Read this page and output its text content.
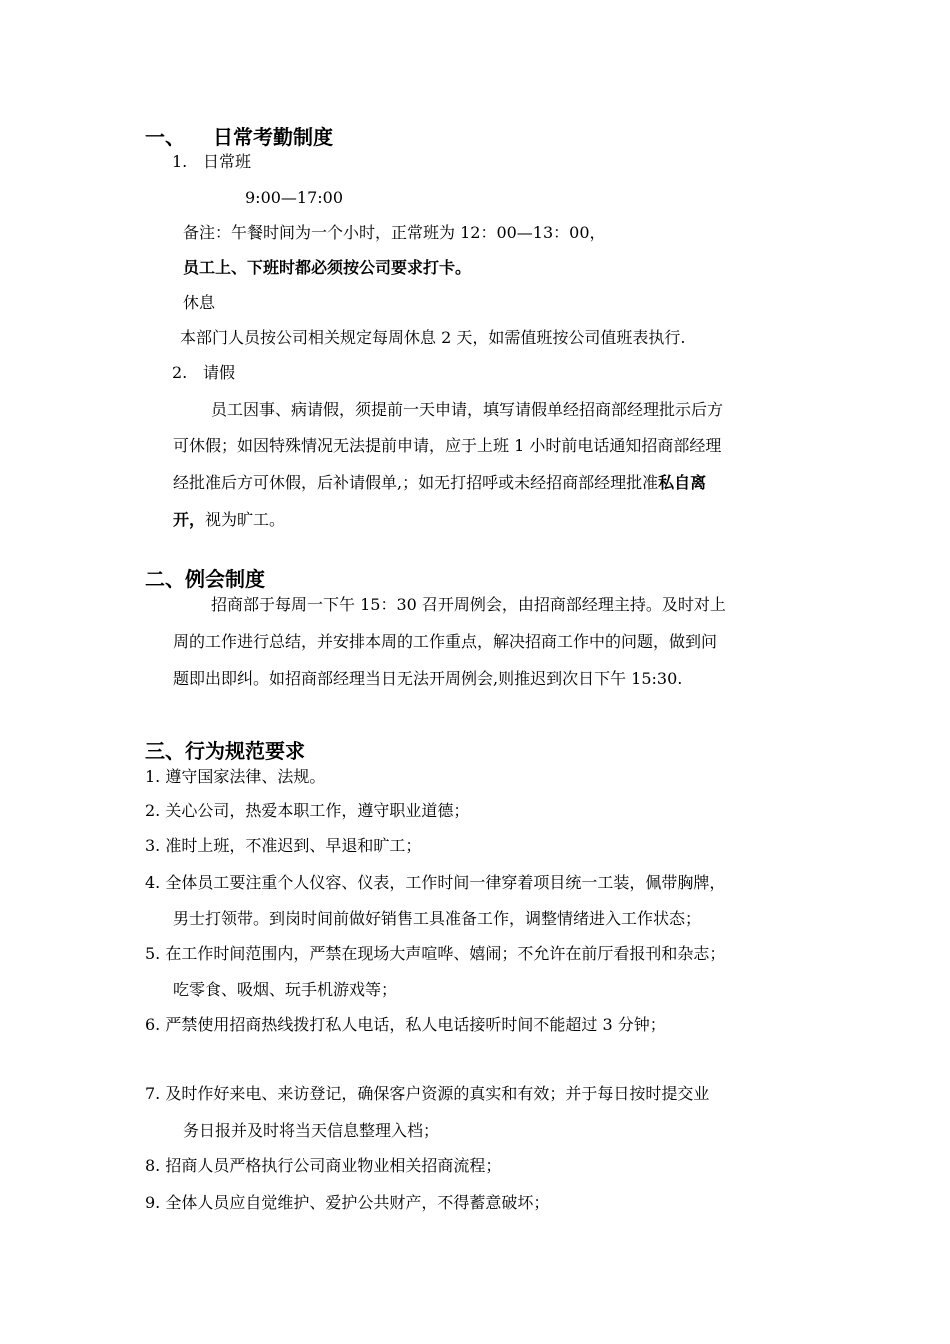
一、 日常考勤制度
1. 日常班
9:00—17:00
备注：午餐时间为一个小时，正常班为 12：00—13：00，
员工上、下班时都必须按公司要求打卡。
休息
本部门人员按公司相关规定每周休息 2 天，如需值班按公司值班表执行.
2. 请假
员工因事、病请假，须提前一天申请，填写请假单经招商部经理批示后方
可休假；如因特殊情况无法提前申请，应于上班 1 小时前电话通知招商部经理
经批准后方可休假，后补请假单,；如无打招呼或未经招商部经理批准私自离
开，视为旷工。
二、例会制度
招商部于每周一下午 15：30 召开周例会，由招商部经理主持。及时对上
周的工作进行总结，并安排本周的工作重点，解决招商工作中的问题，做到问
题即出即纠。如招商部经理当日无法开周例会,则推迟到次日下午 15:30.
三、行为规范要求
1. 遵守国家法律、法规。
2. 关心公司，热爱本职工作，遵守职业道德；
3. 准时上班，不准迟到、早退和旷工；
4. 全体员工要注重个人仪容、仪表，工作时间一律穿着项目统一工装，佩带胸牌，
男士打领带。到岗时间前做好销售工具准备工作，调整情绪进入工作状态；
5. 在工作时间范围内，严禁在现场大声喧哗、嬉闹；不允许在前厅看报刊和杂志；
吃零食、吸烟、玩手机游戏等；
6. 严禁使用招商热线拨打私人电话，私人电话接听时间不能超过 3 分钟；
7. 及时作好来电、来访登记，确保客户资源的真实和有效；并于每日按时提交业
务日报并及时将当天信息整理入档；
8. 招商人员严格执行公司商业物业相关招商流程；
9. 全体人员应自觉维护、爱护公共财产，不得蓄意破坏；
